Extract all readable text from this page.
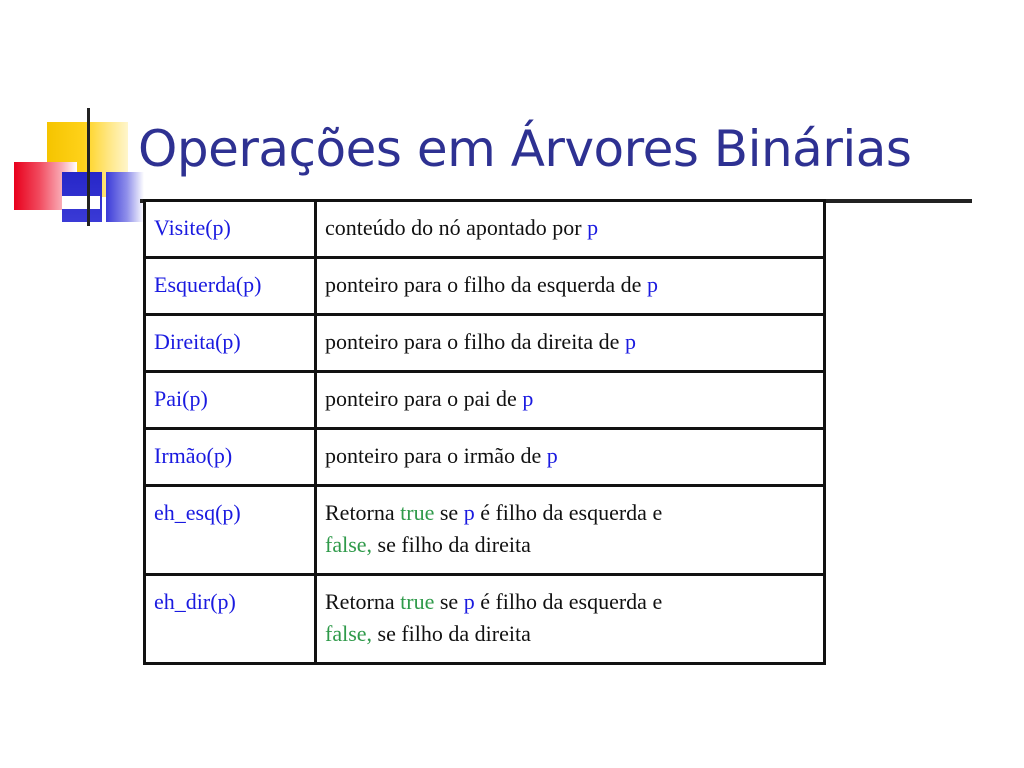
Operações em Árvores Binárias
Visite(p)	conteúdo do nó apontado por p
Esquerda(p)	ponteiro para o filho da esquerda de p
Direita(p)	ponteiro para o filho da direita de p
Pai(p)	ponteiro para o pai de p
Irmão(p)	ponteiro para o irmão de p
eh_esq(p)	Retorna true se p é filho da esquerda e
false, se filho da direita
eh_dir(p)	Retorna true se p é filho da esquerda e
false, se filho da direita
